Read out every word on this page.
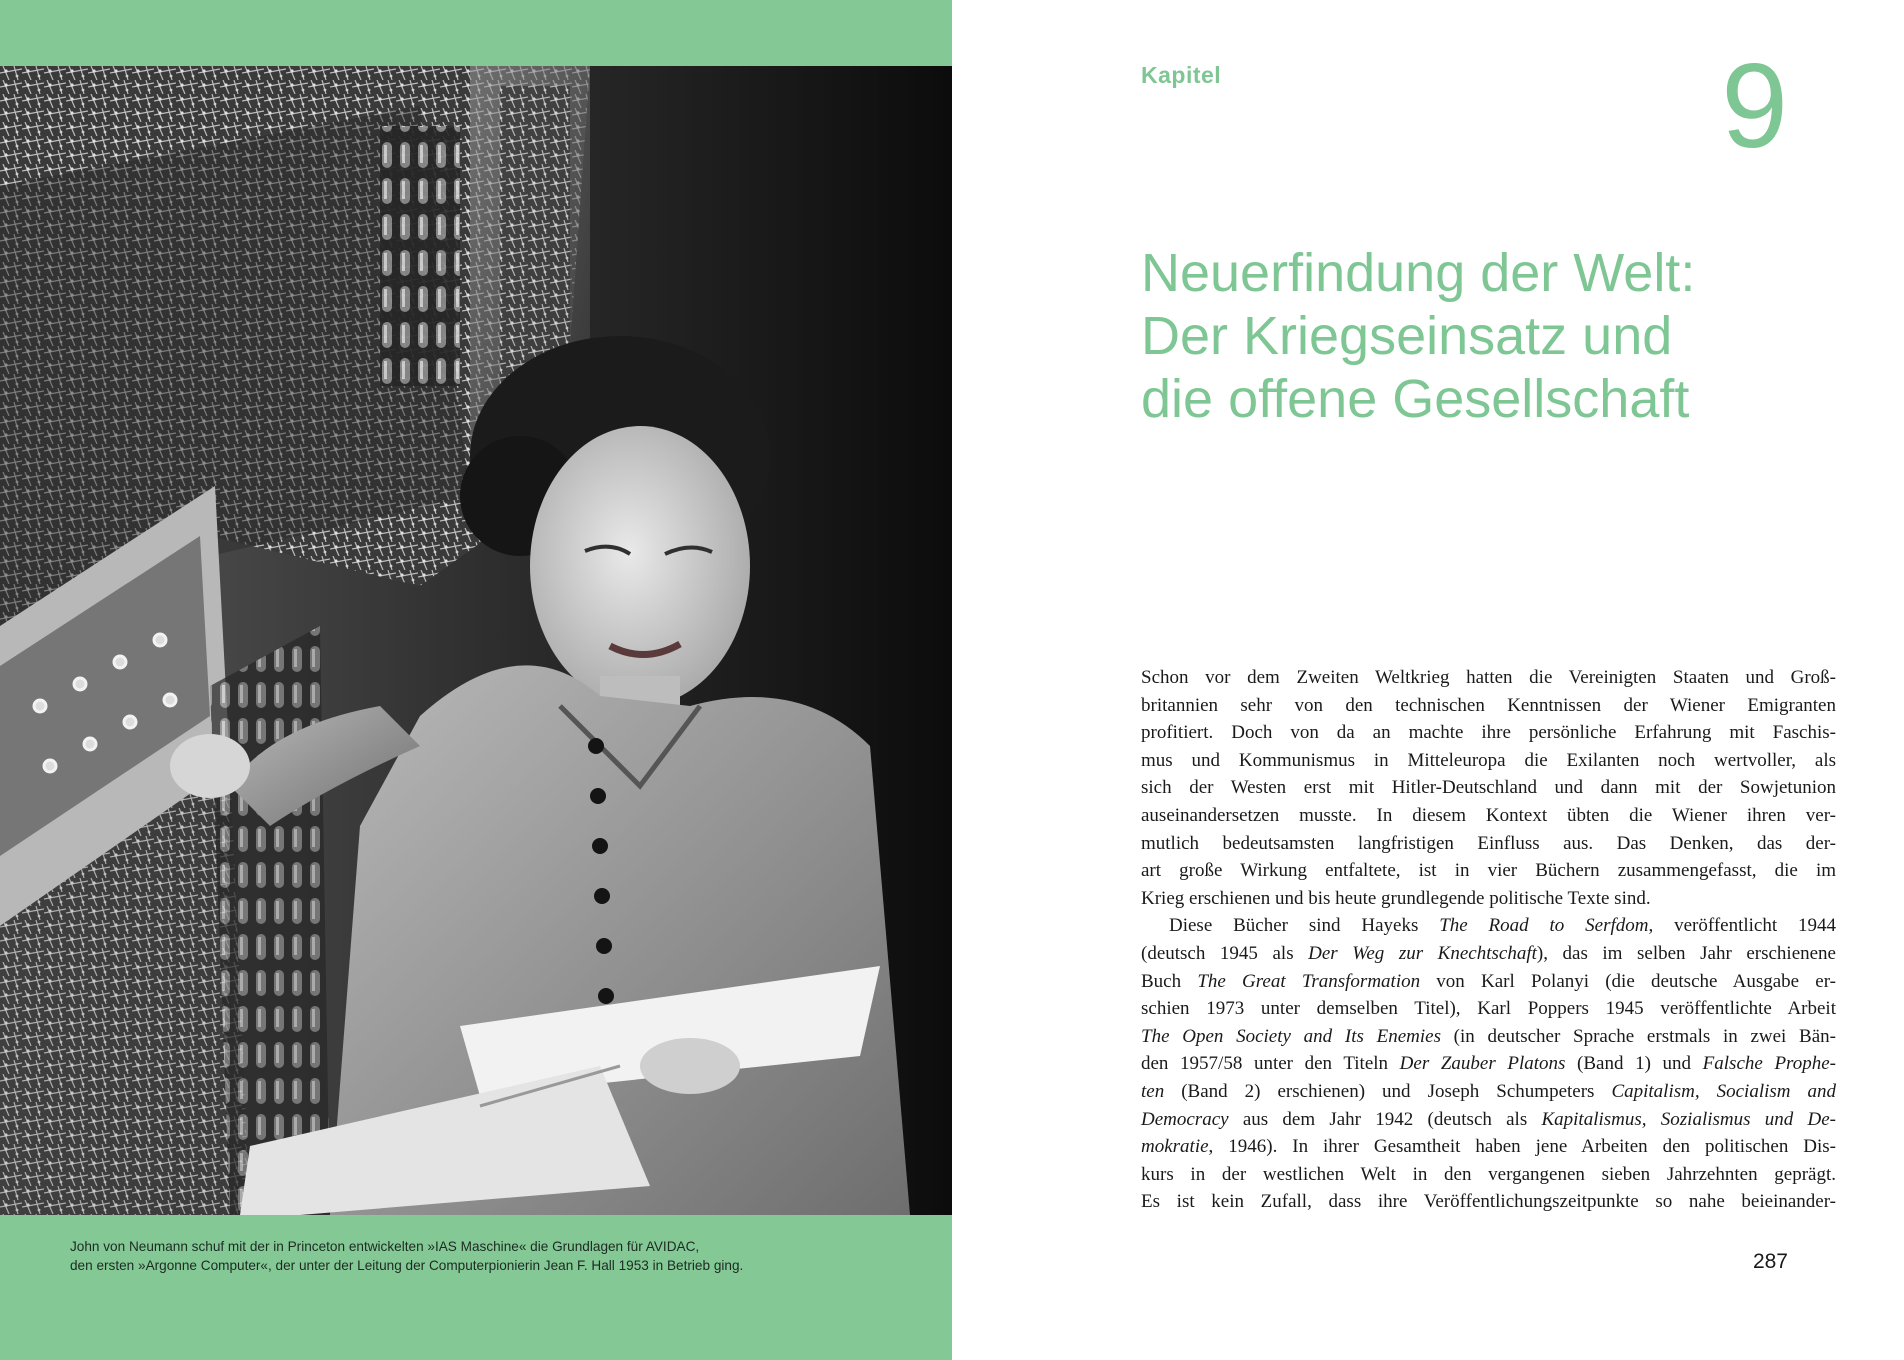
John von Neumann schuf mit der in Princeton entwickelten »IAS Maschine« die Grundlagen für AVIDAC,
den ersten »Argonne Computer«, der unter der Leitung der Computerpionierin Jean F. Hall 1953 in Betrieb ging.
Kapitel	9
Neuerfindung der Welt:
Der Kriegseinsatz und
die offene Gesellschaft
Schon vor dem Zweiten Weltkrieg hatten die Vereinigten Staaten und Groß-
britannien sehr von den technischen Kenntnissen der Wiener Emigranten
profitiert. Doch von da an machte ihre persönliche Erfahrung mit Faschis-
mus und Kommunismus in Mitteleuropa die Exilanten noch wertvoller, als
sich der Westen erst mit Hitler-Deutschland und dann mit der Sowjetunion
auseinandersetzen musste. In diesem Kontext übten die Wiener ihren ver-
mutlich bedeutsamsten langfristigen Einfluss aus. Das Denken, das der-
art große Wirkung entfaltete, ist in vier Büchern zusammengefasst, die im
Krieg erschienen und bis heute grundlegende politische Texte sind.
Diese Bücher sind Hayeks The Road to Serfdom, veröffentlicht 1944
(deutsch 1945 als Der Weg zur Knechtschaft), das im selben Jahr erschienene
Buch The Great Transformation von Karl Polanyi (die deutsche Ausgabe er-
schien 1973 unter demselben Titel), Karl Poppers 1945 veröffentlichte Arbeit
The Open Society and Its Enemies (in deutscher Sprache erstmals in zwei Bän-
den 1957/58 unter den Titeln Der Zauber Platons (Band 1) und Falsche Prophe-
ten (Band 2) erschienen) und Joseph Schumpeters Capitalism, Socialism and
Democracy aus dem Jahr 1942 (deutsch als Kapitalismus, Sozialismus und De-
mokratie, 1946). In ihrer Gesamtheit haben jene Arbeiten den politischen Dis-
kurs in der westlichen Welt in den vergangenen sieben Jahrzehnten geprägt.
Es ist kein Zufall, dass ihre Veröffentlichungszeitpunkte so nahe beieinander-
287
